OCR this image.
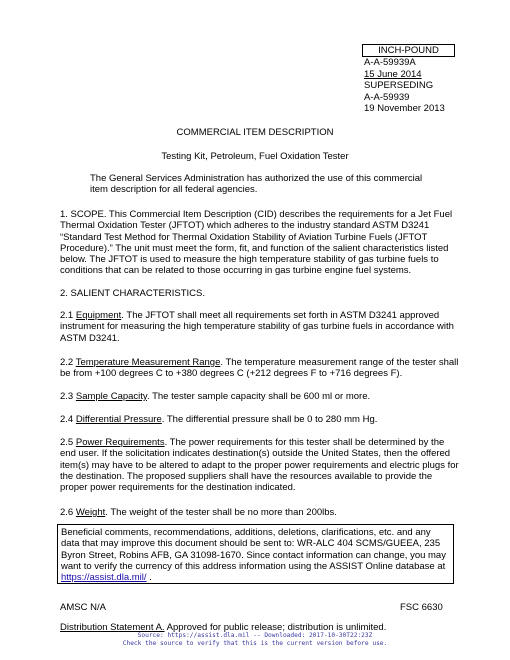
INCH-POUND
A-A-59939A
15 June 2014
SUPERSEDING
A-A-59939
19 November 2013
COMMERCIAL ITEM DESCRIPTION
Testing Kit, Petroleum, Fuel Oxidation Tester
The General Services Administration has authorized the use of this commercial item description for all federal agencies.
1. SCOPE. This Commercial Item Description (CID) describes the requirements for a Jet Fuel Thermal Oxidation Tester (JFTOT) which adheres to the industry standard ASTM D3241 “Standard Test Method for Thermal Oxidation Stability of Aviation Turbine Fuels (JFTOT Procedure).” The unit must meet the form, fit, and function of the salient characteristics listed below. The JFTOT is used to measure the high temperature stability of gas turbine fuels to conditions that can be related to those occurring in gas turbine engine fuel systems.
2. SALIENT CHARACTERISTICS.
2.1 Equipment. The JFTOT shall meet all requirements set forth in ASTM D3241 approved instrument for measuring the high temperature stability of gas turbine fuels in accordance with ASTM D3241.
2.2 Temperature Measurement Range. The temperature measurement range of the tester shall be from +100 degrees C to +380 degrees C (+212 degrees F to +716 degrees F).
2.3 Sample Capacity. The tester sample capacity shall be 600 ml or more.
2.4 Differential Pressure. The differential pressure shall be 0 to 280 mm Hg.
2.5 Power Requirements. The power requirements for this tester shall be determined by the end user. If the solicitation indicates destination(s) outside the United States, then the offered item(s) may have to be altered to adapt to the proper power requirements and electric plugs for the destination. The proposed suppliers shall have the resources available to provide the proper power requirements for the destination indicated.
2.6 Weight. The weight of the tester shall be no more than 200lbs.
Beneficial comments, recommendations, additions, deletions, clarifications, etc. and any data that may improve this document should be sent to: WR-ALC 404 SCMS/GUEEA, 235 Byron Street, Robins AFB, GA 31098-1670. Since contact information can change, you may want to verify the currency of this address information using the ASSIST Online database at https://assist.dla.mil/ .
AMSC N/A	FSC 6630
Distribution Statement A. Approved for public release; distribution is unlimited.
Source: https://assist.dla.mil -- Downloaded: 2017-10-30T22:23Z
Check the source to verify that this is the current version before use.
